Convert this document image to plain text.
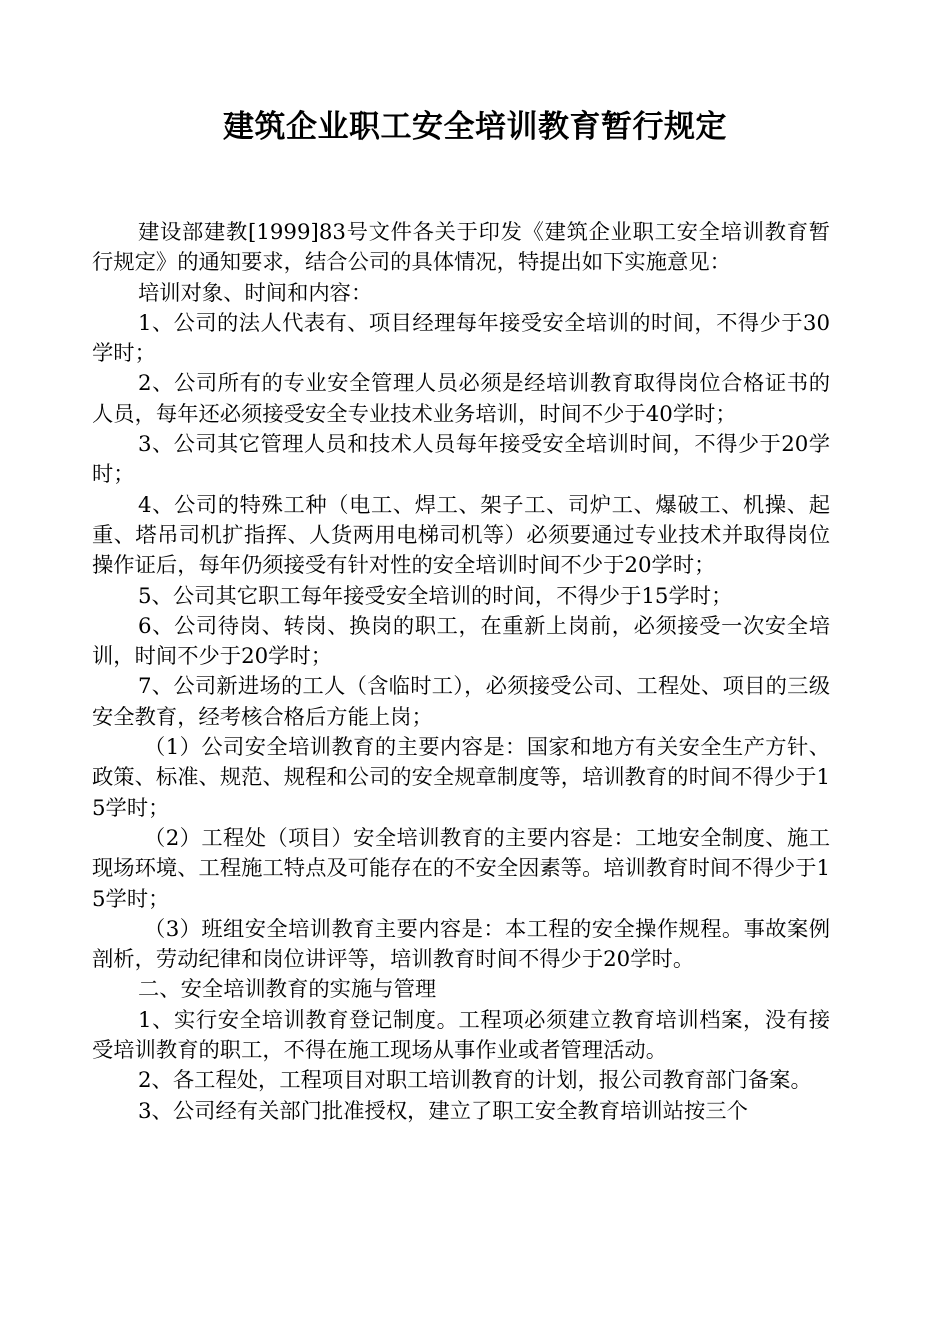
建筑企业职工安全培训教育暂行规定

建设部建教[1999]83号文件各关于印发《建筑企业职工安全培训教育暂行规定》的通知要求，结合公司的具体情况，特提出如下实施意见：

培训对象、时间和内容：

1、公司的法人代表有、项目经理每年接受安全培训的时间，不得少于30学时；

2、公司所有的专业安全管理人员必须是经培训教育取得岗位合格证书的人员，每年还必须接受安全专业技术业务培训，时间不少于40学时；

3、公司其它管理人员和技术人员每年接受安全培训时间，不得少于20学时；

4、公司的特殊工种（电工、焊工、架子工、司炉工、爆破工、机操、起重、塔吊司机扩指挥、人货两用电梯司机等）必须要通过专业技术并取得岗位操作证后，每年仍须接受有针对性的安全培训时间不少于20学时；

5、公司其它职工每年接受安全培训的时间，不得少于15学时；

6、公司待岗、转岗、换岗的职工，在重新上岗前，必须接受一次安全培训，时间不少于20学时；

7、公司新进场的工人（含临时工），必须接受公司、工程处、项目的三级安全教育，经考核合格后方能上岗；

（1）公司安全培训教育的主要内容是：国家和地方有关安全生产方针、政策、标准、规范、规程和公司的安全规章制度等，培训教育的时间不得少于15学时；

（2）工程处（项目）安全培训教育的主要内容是：工地安全制度、施工现场环境、工程施工特点及可能存在的不安全因素等。培训教育时间不得少于15学时；

（3）班组安全培训教育主要内容是：本工程的安全操作规程。事故案例剖析，劳动纪律和岗位讲评等，培训教育时间不得少于20学时。

二、安全培训教育的实施与管理

1、实行安全培训教育登记制度。工程项必须建立教育培训档案，没有接受培训教育的职工，不得在施工现场从事作业或者管理活动。

2、各工程处，工程项目对职工培训教育的计划，报公司教育部门备案。

3、公司经有关部门批准授权，建立了职工安全教育培训站按三个
